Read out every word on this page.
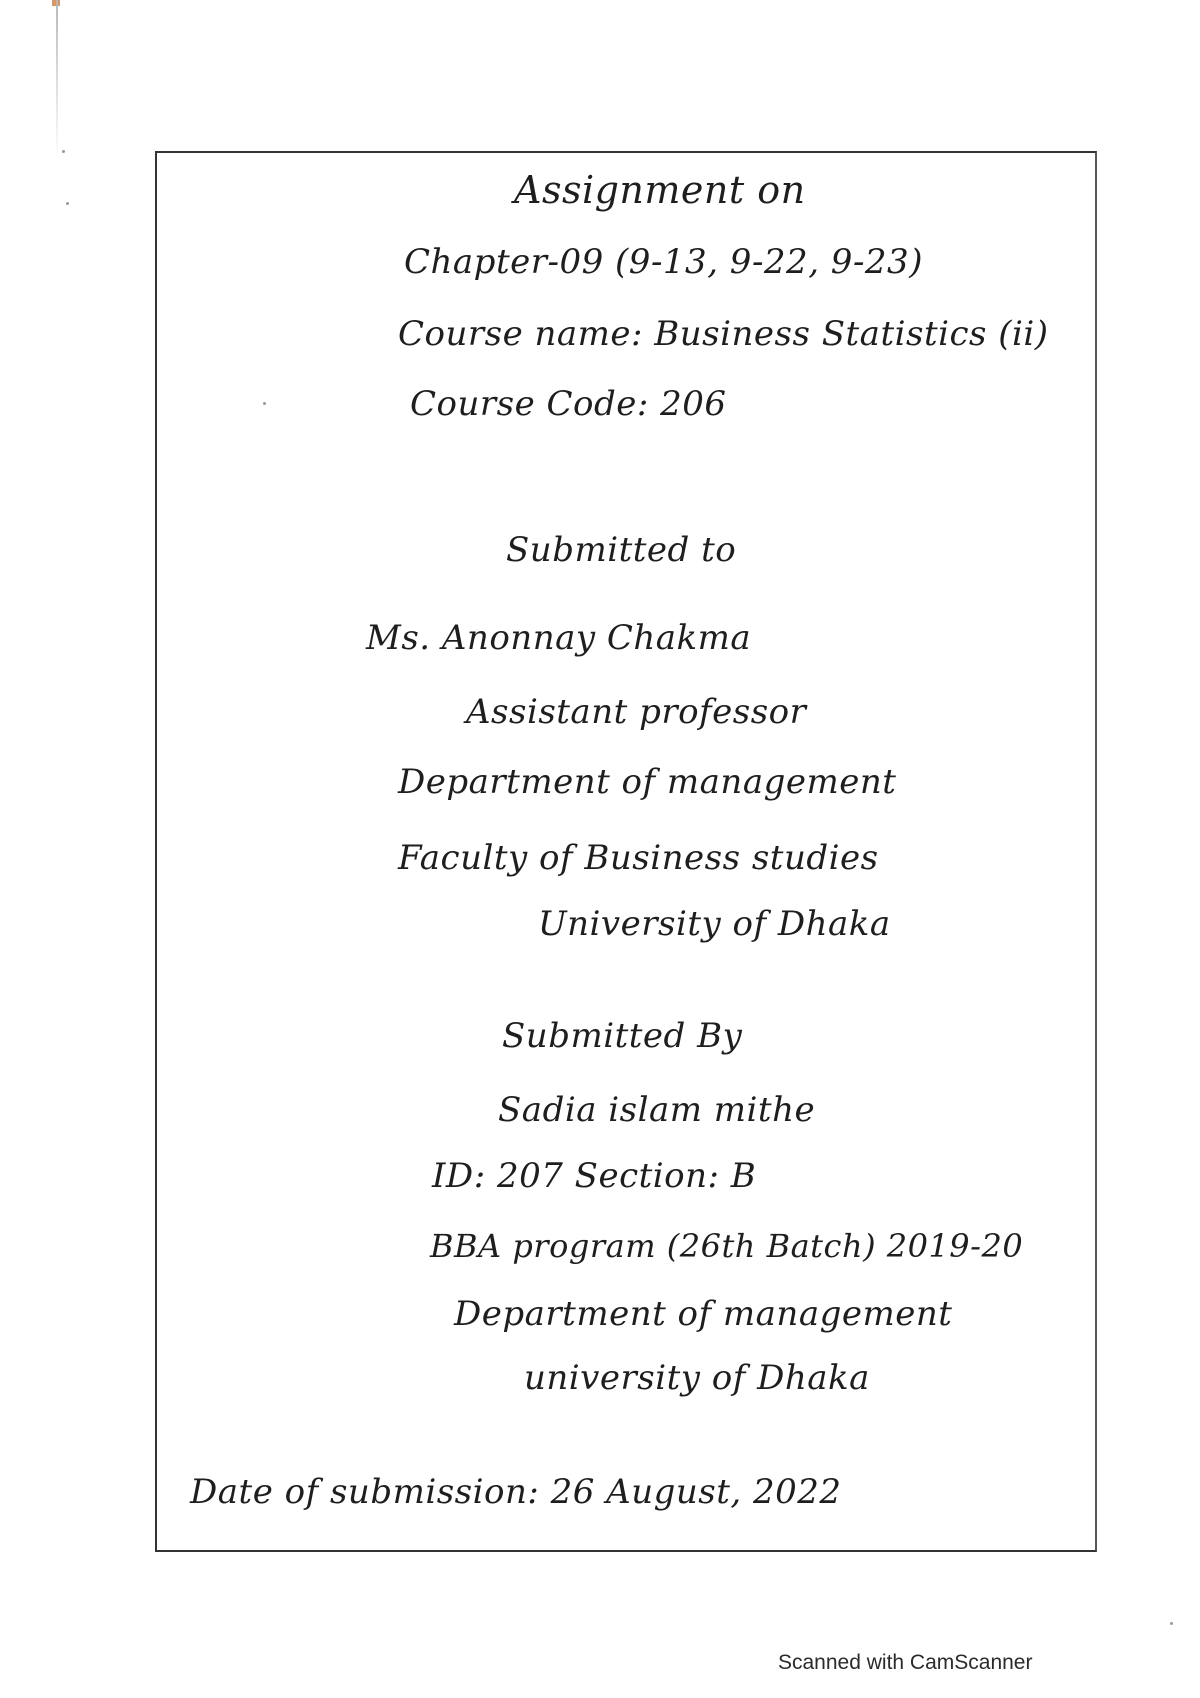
Assignment on
Chapter-09 (9-13, 9-22, 9-23)
Course name: Business Statistics (ii)
Course Code: 206
Submitted to
Ms. Anonnay Chakma
Assistant professor
Department of management
Faculty of Business studies
University of Dhaka
Submitted By
Sadia islam mithe
ID: 207 Section: B
BBA program (26th Batch) 2019-20
Department of management
university of Dhaka
Date of submission: 26 August, 2022
Scanned with CamScanner
